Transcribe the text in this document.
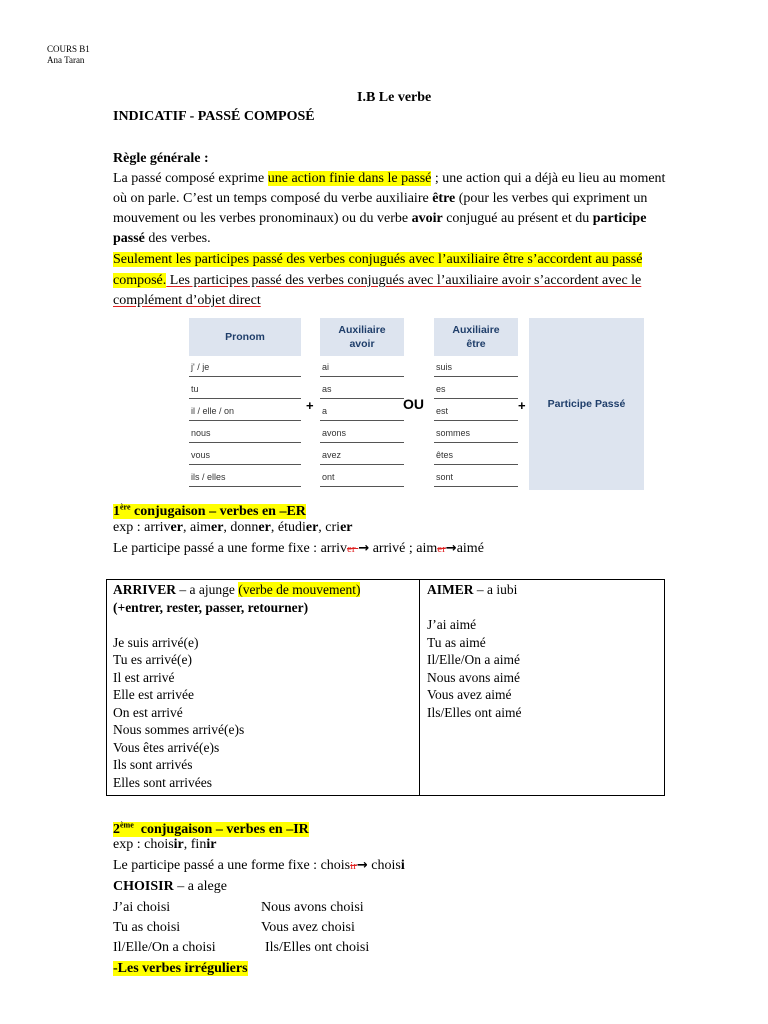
COURS B1
Ana Taran
I.B Le verbe
INDICATIF - PASSÉ COMPOSÉ
Règle générale :
La passé composé exprime une action finie dans le passé ; une action qui a déjà eu lieu au moment
où on parle. C’est un temps composé du verbe auxiliaire être (pour les verbes qui expriment un
mouvement ou les verbes pronominaux) ou du verbe avoir conjugué au présent et du participe
passé des verbes.
Seulement les participes passé des verbes conjugués avec l’auxiliaire être s’accordent au passé
composé. Les participes passé des verbes conjugués avec l’auxiliaire avoir s’accordent avec le
complément d’objet direct
Pronom
Auxiliaire
avoir
Auxiliaire
être
Participe Passé
j' / je
tu
il / elle / on
nous
vous
ils / elles
+
ai
as
a
avons
avez
ont
OU
suis
es
est
sommes
êtes
sont
+
1ère conjugaison – verbes en –ER
exp : arriver, aimer, donner, étudier, crier
Le participe passé a une forme fixe : arriver → arrivé ; aimer→aimé
ARRIVER – a ajunge (verbe de mouvement)
(+entrer, rester, passer, retourner)

Je suis arrivé(e)
Tu es arrivé(e)
Il est arrivé
Elle est arrivée
On est arrivé
Nous sommes arrivé(e)s
Vous êtes arrivé(e)s
Ils sont arrivés
Elles sont arrivées
AIMER – a iubi

J’ai aimé
Tu as aimé
Il/Elle/On a aimé
Nous avons aimé
Vous avez aimé
Ils/Elles ont aimé
2ème  conjugaison – verbes en –IR
exp : choisir, finir
Le participe passé a une forme fixe : choisir→ choisi
CHOISIR – a alege
J’ai choisi
Tu as choisi
Il/Elle/On a choisi
Nous avons choisi
Vous avez choisi
Ils/Elles ont choisi
-Les verbes irréguliers
